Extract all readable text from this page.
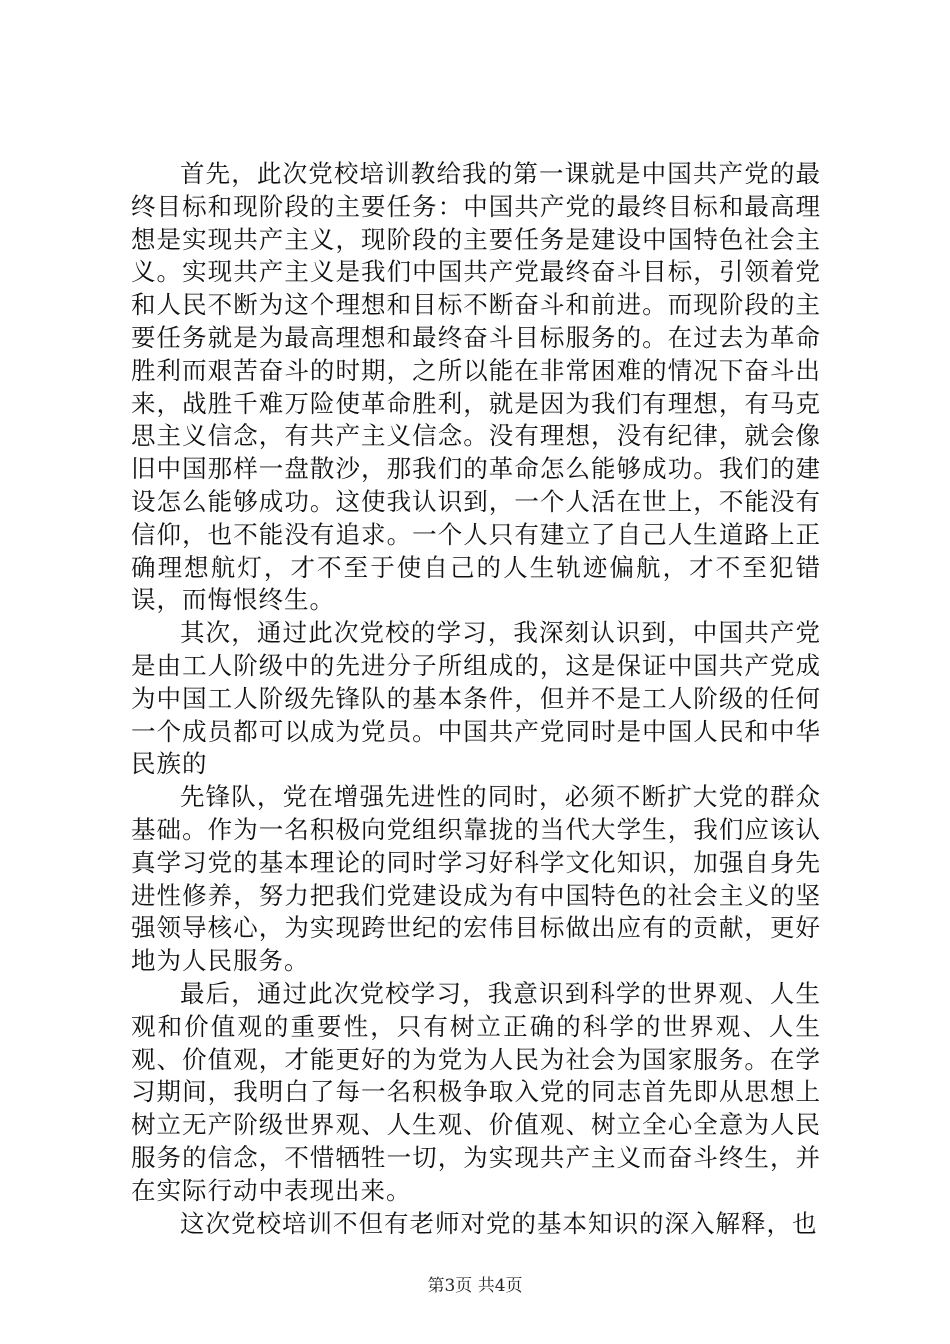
首先，此次党校培训教给我的第一课就是中国共产党的最终目标和现阶段的主要任务：中国共产党的最终目标和最高理想是实现共产主义，现阶段的主要任务是建设中国特色社会主义。实现共产主义是我们中国共产党最终奋斗目标，引领着党和人民不断为这个理想和目标不断奋斗和前进。而现阶段的主要任务就是为最高理想和最终奋斗目标服务的。在过去为革命胜利而艰苦奋斗的时期，之所以能在非常困难的情况下奋斗出来，战胜千难万险使革命胜利，就是因为我们有理想，有马克思主义信念，有共产主义信念。没有理想，没有纪律，就会像旧中国那样一盘散沙，那我们的革命怎么能够成功。我们的建设怎么能够成功。这使我认识到，一个人活在世上，不能没有信仰，也不能没有追求。一个人只有建立了自己人生道路上正确理想航灯，才不至于使自己的人生轨迹偏航，才不至犯错误，而悔恨终生。

其次，通过此次党校的学习，我深刻认识到，中国共产党是由工人阶级中的先进分子所组成的，这是保证中国共产党成为中国工人阶级先锋队的基本条件，但并不是工人阶级的任何一个成员都可以成为党员。中国共产党同时是中国人民和中华民族的

先锋队，党在增强先进性的同时，必须不断扩大党的群众基础。作为一名积极向党组织靠拢的当代大学生，我们应该认真学习党的基本理论的同时学习好科学文化知识，加强自身先进性修养，努力把我们党建设成为有中国特色的社会主义的坚强领导核心，为实现跨世纪的宏伟目标做出应有的贡献，更好地为人民服务。

最后，通过此次党校学习，我意识到科学的世界观、人生观和价值观的重要性，只有树立正确的科学的世界观、人生观、价值观，才能更好的为党为人民为社会为国家服务。在学习期间，我明白了每一名积极争取入党的同志首先即从思想上树立无产阶级世界观、人生观、价值观、树立全心全意为人民服务的信念，不惜牺牲一切，为实现共产主义而奋斗终生，并在实际行动中表现出来。

这次党校培训不但有老师对党的基本知识的深入解释，也

第3页 共4页
